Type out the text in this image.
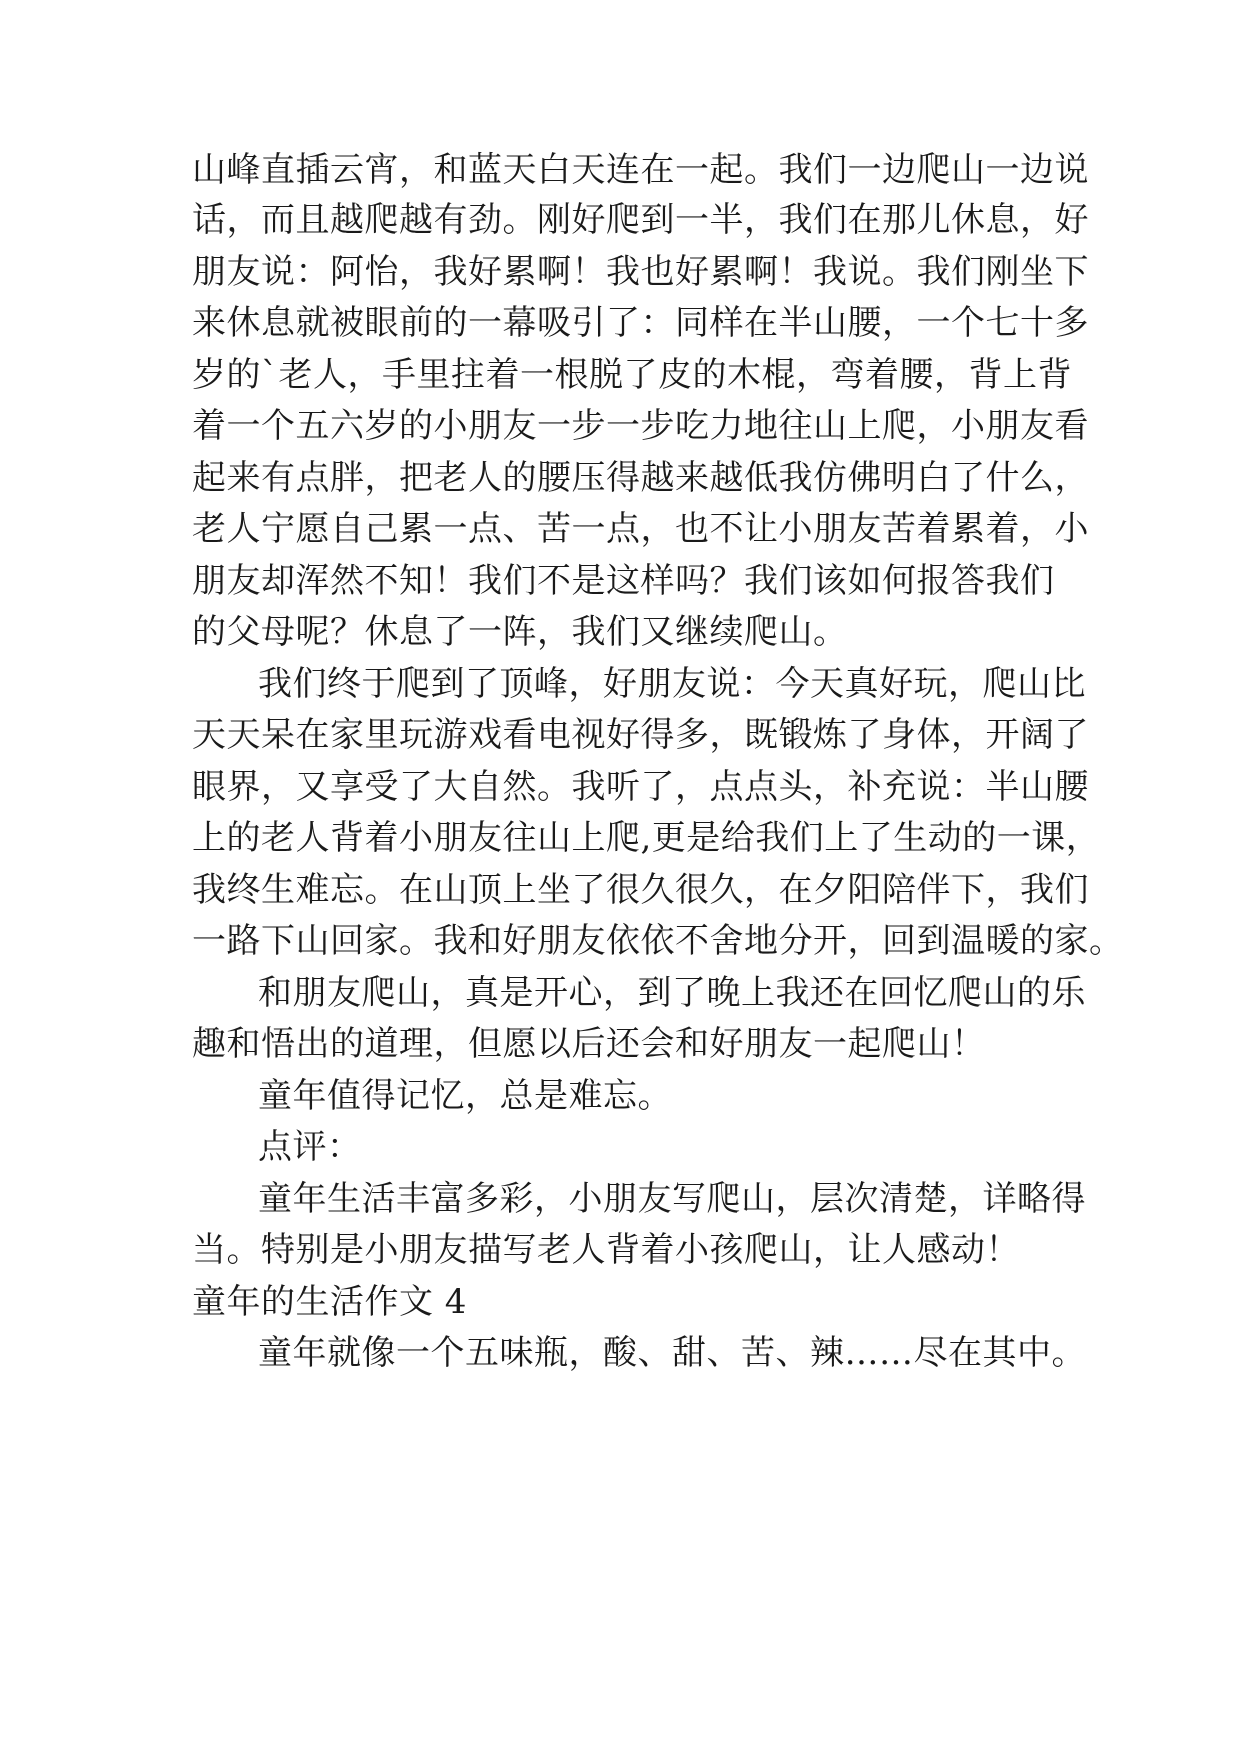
山峰直插云宵，和蓝天白天连在一起。我们一边爬山一边说
话，而且越爬越有劲。刚好爬到一半，我们在那儿休息，好
朋友说：阿怡，我好累啊！我也好累啊！我说。我们刚坐下
来休息就被眼前的一幕吸引了：同样在半山腰，一个七十多
岁的`老人，手里拄着一根脱了皮的木棍，弯着腰，背上背
着一个五六岁的小朋友一步一步吃力地往山上爬，小朋友看
起来有点胖，把老人的腰压得越来越低我仿佛明白了什么，
老人宁愿自己累一点、苦一点，也不让小朋友苦着累着，小
朋友却浑然不知！我们不是这样吗？我们该如何报答我们
的父母呢？休息了一阵，我们又继续爬山。
我们终于爬到了顶峰，好朋友说：今天真好玩，爬山比
天天呆在家里玩游戏看电视好得多，既锻炼了身体，开阔了
眼界，又享受了大自然。我听了，点点头，补充说：半山腰
上的老人背着小朋友往山上爬,更是给我们上了生动的一课，
我终生难忘。在山顶上坐了很久很久，在夕阳陪伴下，我们
一路下山回家。我和好朋友依依不舍地分开，回到温暖的家。
和朋友爬山，真是开心，到了晚上我还在回忆爬山的乐
趣和悟出的道理，但愿以后还会和好朋友一起爬山！
童年值得记忆，总是难忘。
点评：
童年生活丰富多彩，小朋友写爬山，层次清楚，详略得
当。特别是小朋友描写老人背着小孩爬山，让人感动！
童年的生活作文 4
童年就像一个五味瓶，酸、甜、苦、辣……尽在其中。
